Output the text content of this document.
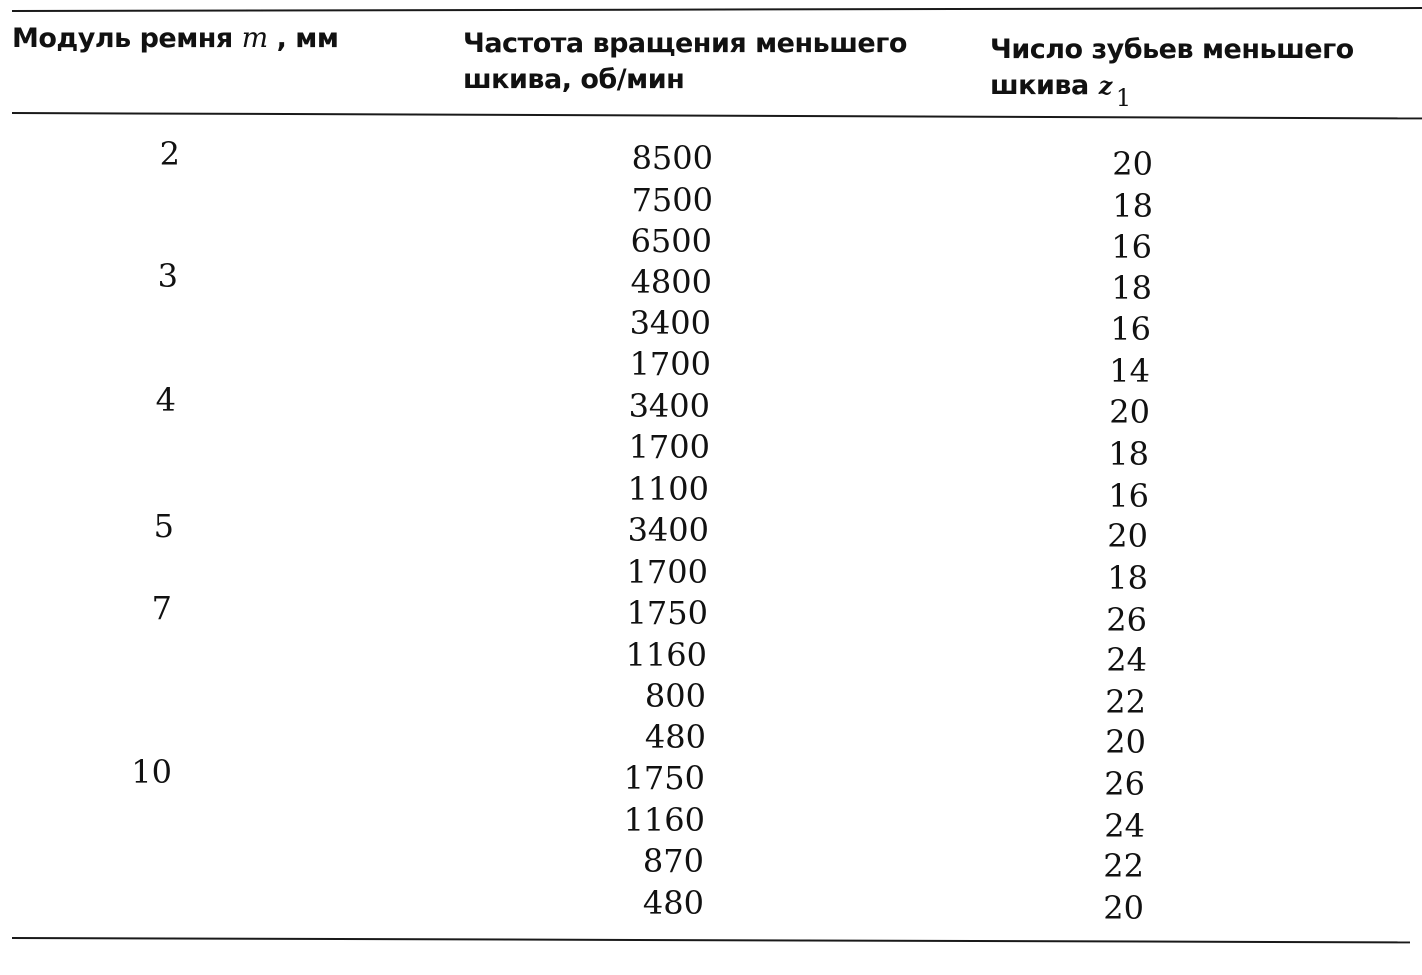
Модуль ремня m , мм	Частота вращения меньшего
шкива, об/мин
Число зубьев меньшего
шкива z 1
2
3
4
5
7
10
8500
7500
6500
4800
3400
1700
3400
1700
1100
3400
1700
1750
1160
800
480
1750
1160
870
480
20
18
16
18
16
14
20
18
16
20
18
26
24
22
20
26
24
22
20
